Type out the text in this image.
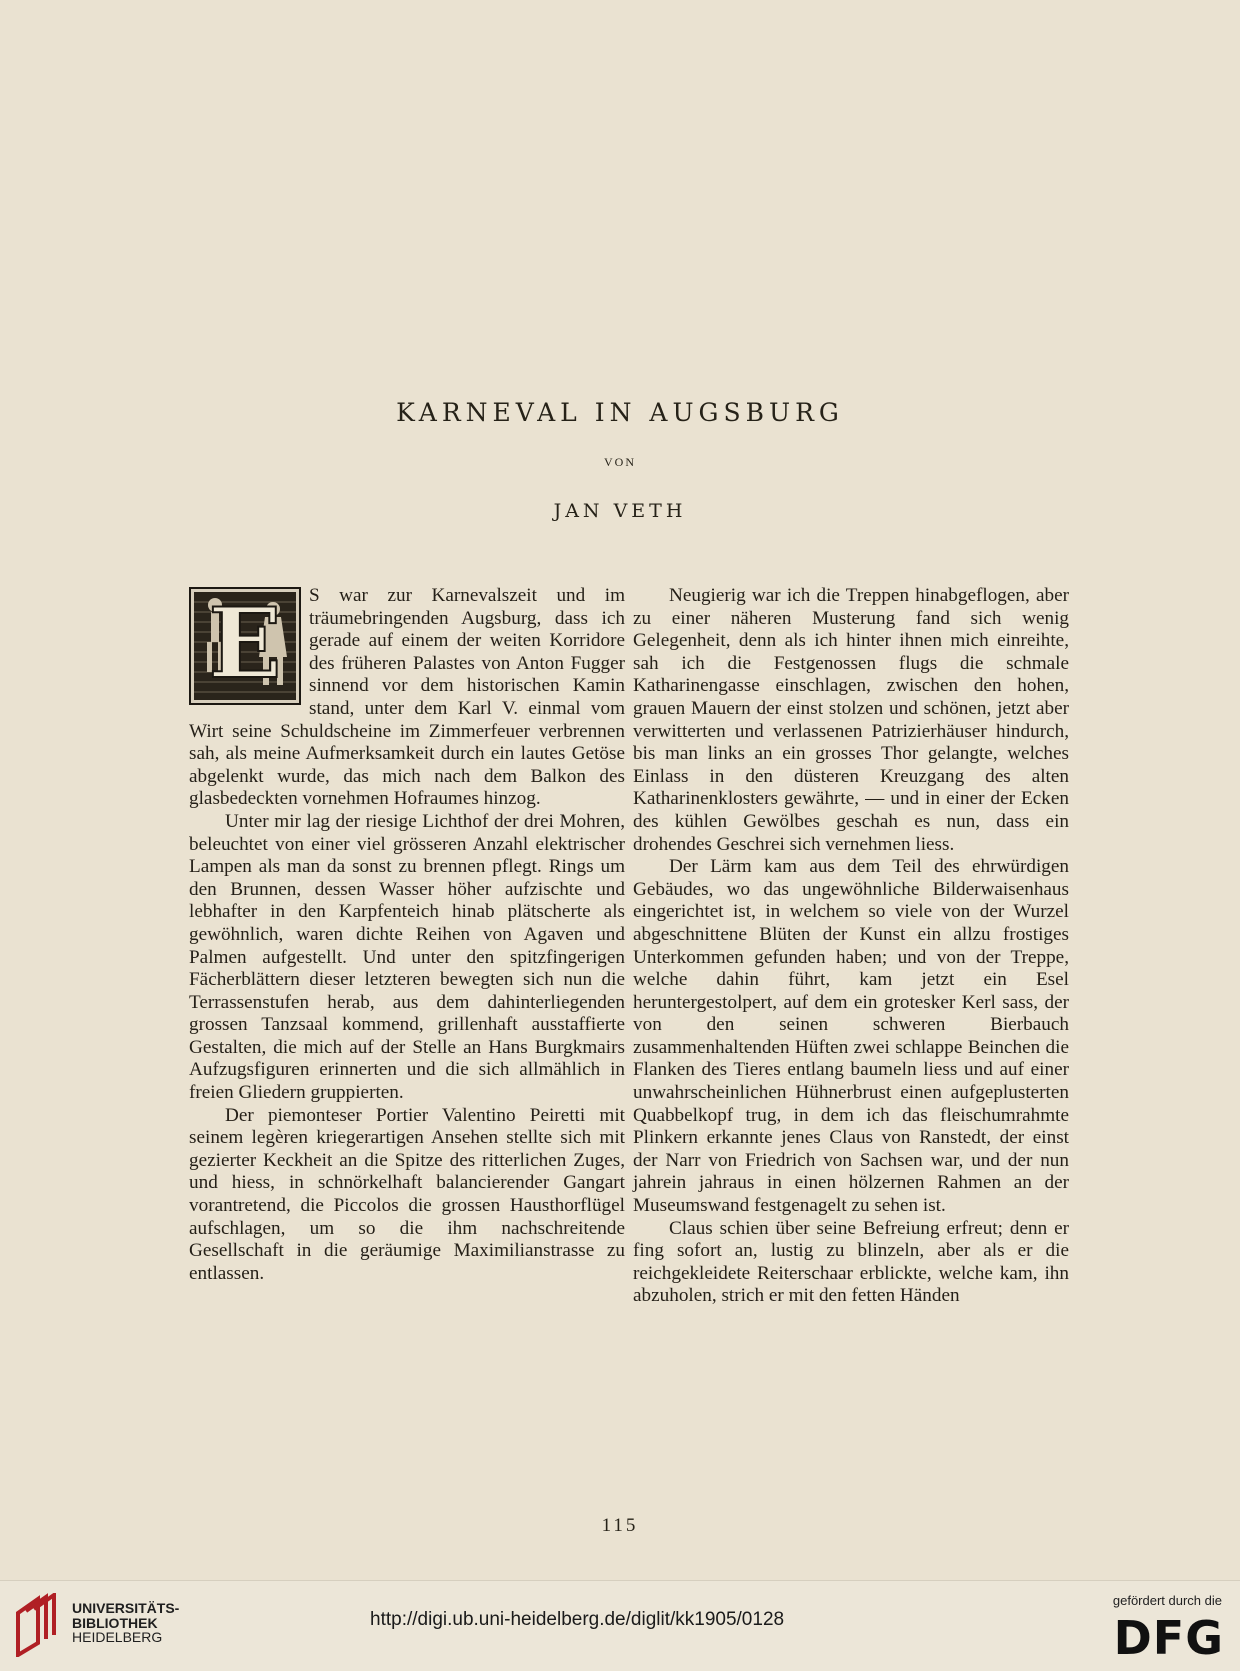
KARNEVAL IN AUGSBURG
VON
JAN VETH
E	S war zur Karnevalszeit und im träumebringenden Augsburg, dass ich gerade auf einem der weiten Korridore des früheren Palastes von Anton Fugger sinnend vor dem historischen Kamin stand, unter dem Karl V. einmal vom Wirt seine Schuldscheine im Zimmerfeuer verbrennen sah, als meine Aufmerksamkeit durch ein lautes Getöse abgelenkt wurde, das mich nach dem Balkon des glasbedeckten vornehmen Hofraumes hinzog.

Unter mir lag der riesige Lichthof der drei Mohren, beleuchtet von einer viel grösseren Anzahl elektrischer Lampen als man da sonst zu brennen pflegt. Rings um den Brunnen, dessen Wasser höher aufzischte und lebhafter in den Karpfenteich hinab plätscherte als gewöhnlich, waren dichte Reihen von Agaven und Palmen aufgestellt. Und unter den spitzfingerigen Fächerblättern dieser letzteren bewegten sich nun die Terrassenstufen herab, aus dem dahinterliegenden grossen Tanzsaal kommend, grillenhaft ausstaffierte Gestalten, die mich auf der Stelle an Hans Burgkmairs Aufzugsfiguren erinnerten und die sich allmählich in freien Gliedern gruppierten.

Der piemonteser Portier Valentino Peiretti mit seinem legèren kriegerartigen Ansehen stellte sich mit gezierter Keckheit an die Spitze des ritterlichen Zuges, und hiess, in schnörkelhaft balancierender Gangart vorantretend, die Piccolos die grossen Hausthorflügel aufschlagen, um so die ihm nachschreitende Gesellschaft in die geräumige Maximilianstrasse zu entlassen.

Neugierig war ich die Treppen hinabgeflogen, aber zu einer näheren Musterung fand sich wenig Gelegenheit, denn als ich hinter ihnen mich einreihte, sah ich die Festgenossen flugs die schmale Katharinengasse einschlagen, zwischen den hohen, grauen Mauern der einst stolzen und schönen, jetzt aber verwitterten und verlassenen Patrizierhäuser hindurch, bis man links an ein grosses Thor gelangte, welches Einlass in den düsteren Kreuzgang des alten Katharinenklosters gewährte, — und in einer der Ecken des kühlen Gewölbes geschah es nun, dass ein drohendes Geschrei sich vernehmen liess.

Der Lärm kam aus dem Teil des ehrwürdigen Gebäudes, wo das ungewöhnliche Bilderwaisenhaus eingerichtet ist, in welchem so viele von der Wurzel abgeschnittene Blüten der Kunst ein allzu frostiges Unterkommen gefunden haben; und von der Treppe, welche dahin führt, kam jetzt ein Esel heruntergestolpert, auf dem ein grotesker Kerl sass, der von den seinen schweren Bierbauch zusammenhaltenden Hüften zwei schlappe Beinchen die Flanken des Tieres entlang baumeln liess und auf einer unwahrscheinlichen Hühnerbrust einen aufgeplusterten Quabbelkopf trug, in dem ich das fleischumrahmte Plinkern erkannte jenes Claus von Ranstedt, der einst der Narr von Friedrich von Sachsen war, und der nun jahrein jahraus in einen hölzernen Rahmen an der Museumswand festgenagelt zu sehen ist.

Claus schien über seine Befreiung erfreut; denn er fing sofort an, lustig zu blinzeln, aber als er die reichgekleidete Reiterschaar erblickte, welche kam, ihn abzuholen, strich er mit den fetten Händen

115
UNIVERSITÄTS-
BIBLIOTHEK
HEIDELBERG
http://digi.ub.uni-heidelberg.de/diglit/kk1905/0128
gefördert durch die
DFG
